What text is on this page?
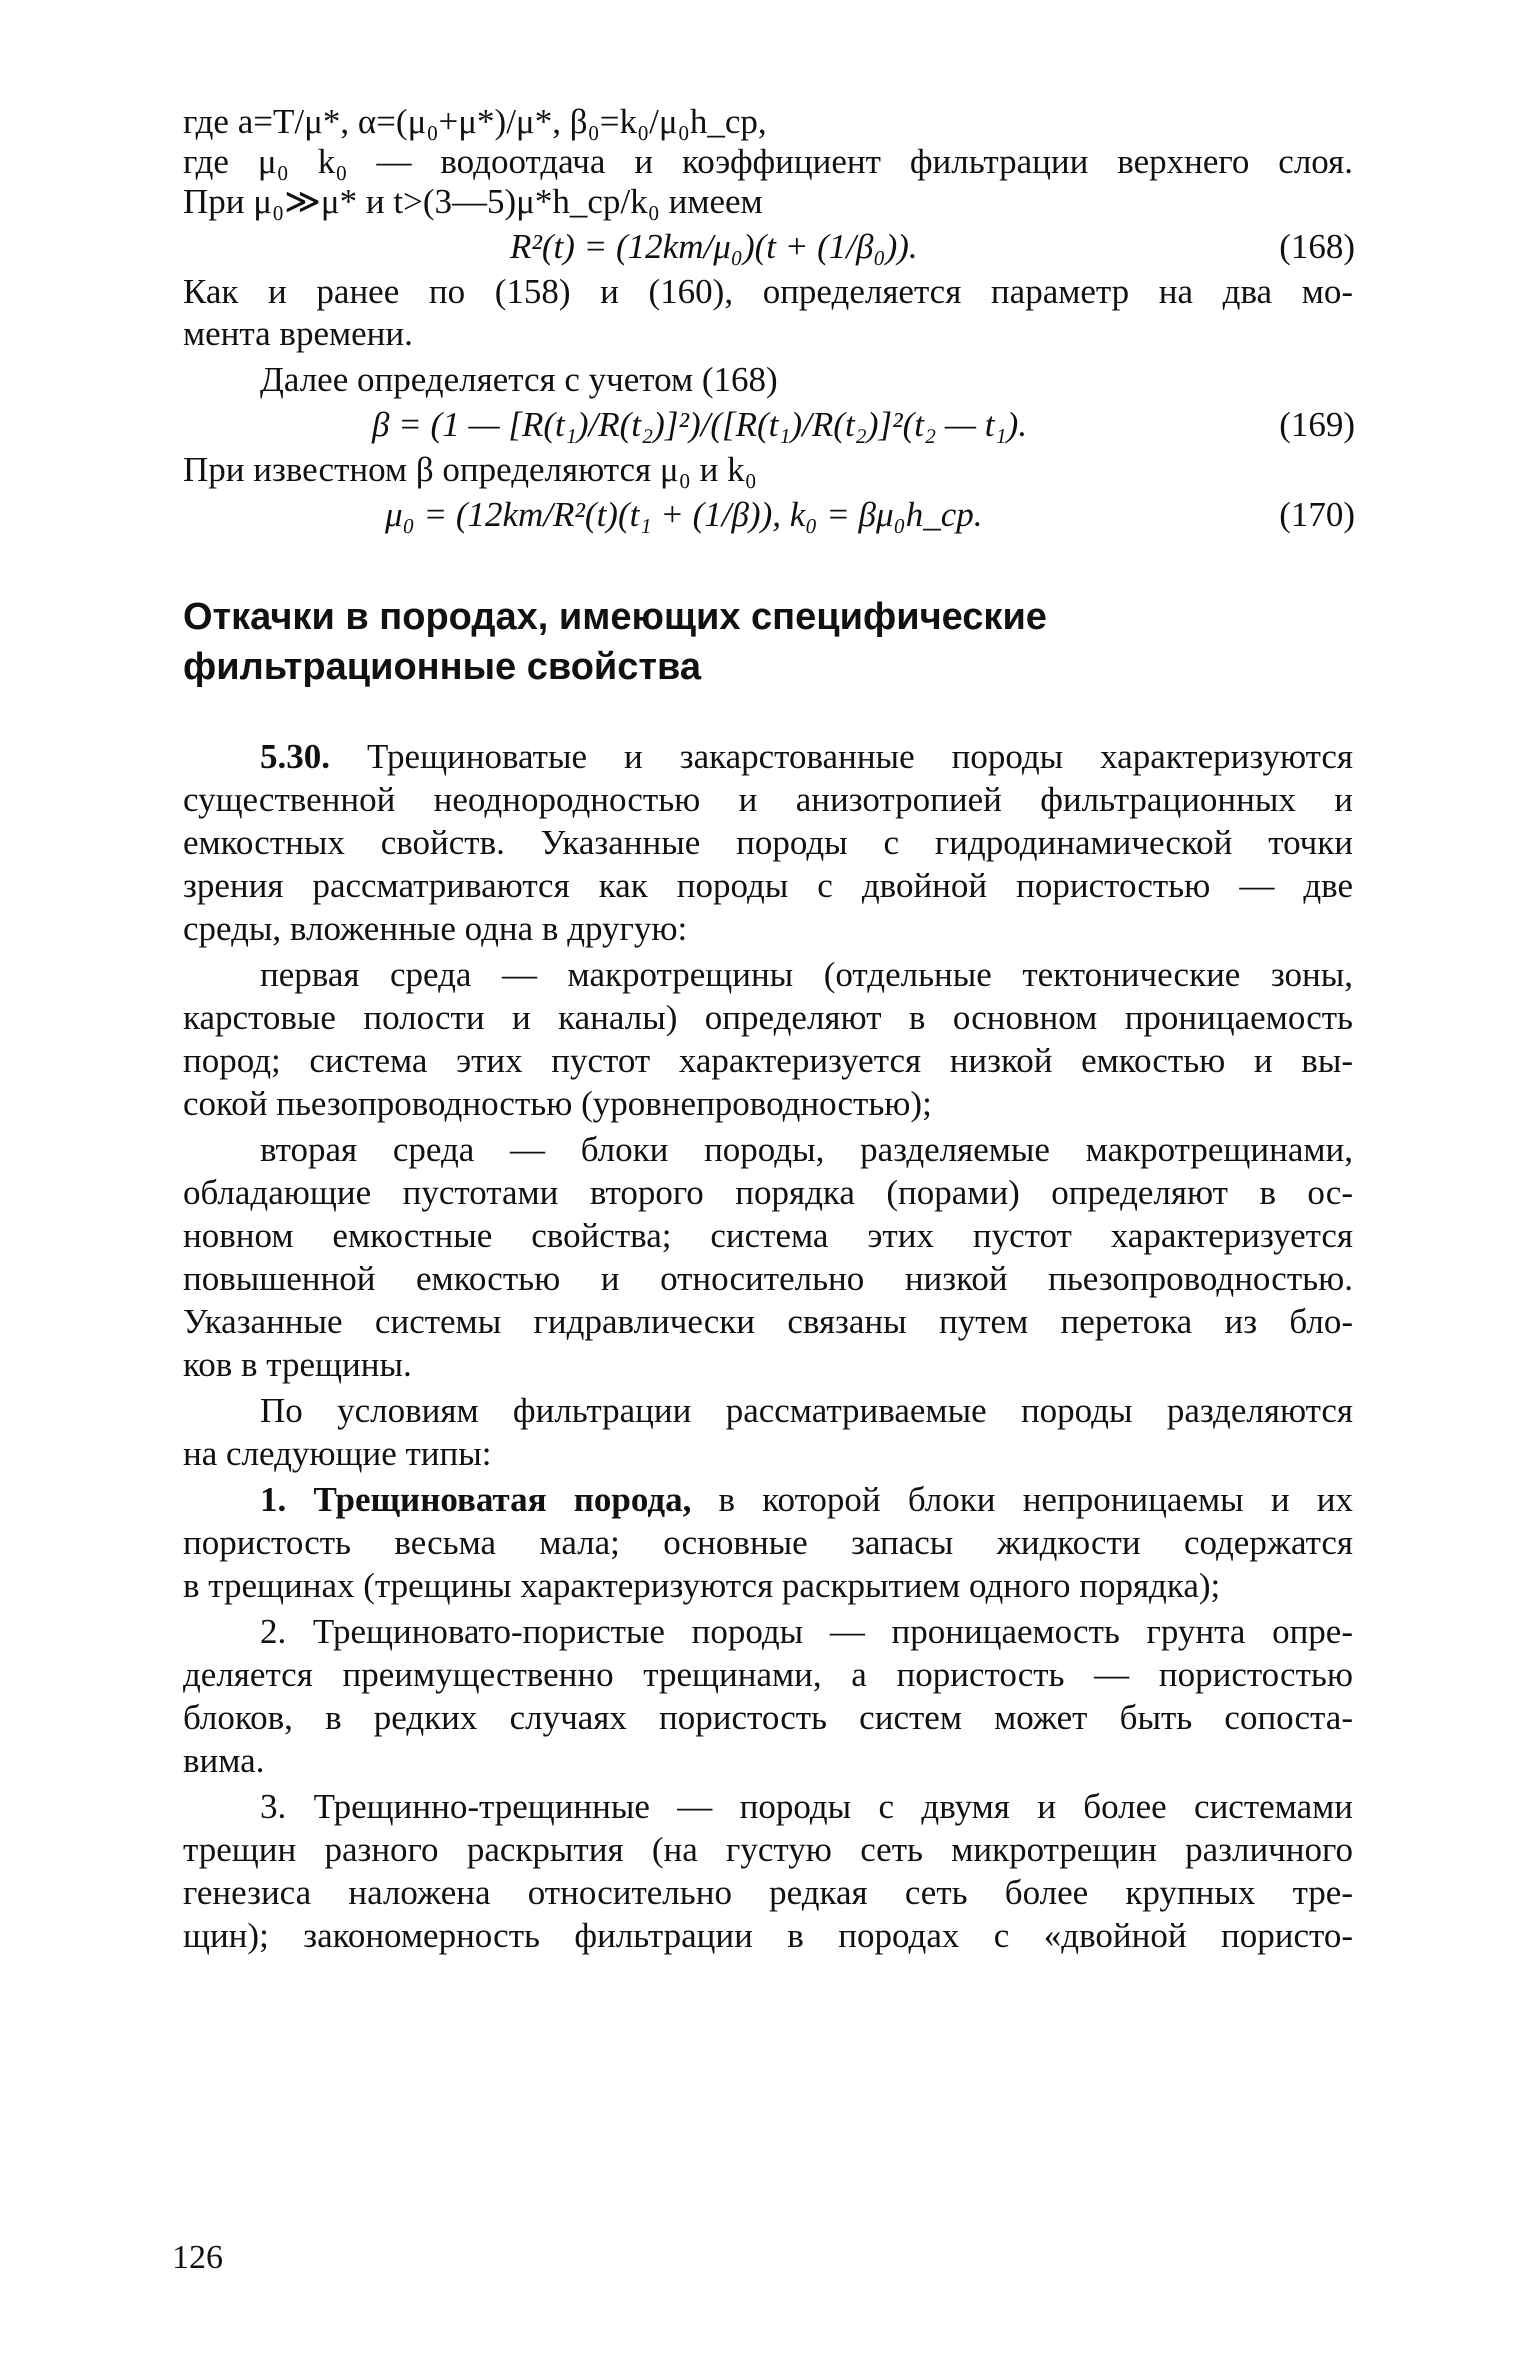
где a=T/μ*, α=(μ₀+μ*)/μ*, β₀=k₀/μ₀h_ср,
где μ₀ k₀ — водоотдача и коэффициент фильтрации верхнего слоя.
При μ₀≫μ* и t>(3—5)μ*h_ср/k₀ имеем
R²(t) = (12km/μ₀)(t + (1/β₀)).	(168)
Как и ранее по (158) и (160), определяется параметр на два мо-
мента времени.
Далее определяется с учетом (168)
β = (1 — [R(t₁)/R(t₂)]²)/([R(t₁)/R(t₂)]²(t₂ — t₁).	(169)
При известном β определяются μ₀ и k₀
μ₀ = (12km/R²(t)(t₁ + (1/β)), k₀ = βμ₀h_ср.	(170)
Откачки в породах, имеющих специфические
фильтрационные свойства
5.30. Трещиноватые и закарстованные породы характеризуются
существенной неоднородностью и анизотропией фильтрационных и
емкостных свойств. Указанные породы с гидродинамической точки
зрения рассматриваются как породы с двойной пористостью — две
среды, вложенные одна в другую:
первая среда — макротрещины (отдельные тектонические зоны,
карстовые полости и каналы) определяют в основном проницаемость
пород; система этих пустот характеризуется низкой емкостью и вы-
сокой пьезопроводностью (уровнепроводностью);
вторая среда — блоки породы, разделяемые макротрещинами,
обладающие пустотами второго порядка (порами) определяют в ос-
новном емкостные свойства; система этих пустот характеризуется
повышенной емкостью и относительно низкой пьезопроводностью.
Указанные системы гидравлически связаны путем перетока из бло-
ков в трещины.
По условиям фильтрации рассматриваемые породы разделяются
на следующие типы:
1. Трещиноватая порода, в которой блоки непроницаемы и их
пористость весьма мала; основные запасы жидкости содержатся
в трещинах (трещины характеризуются раскрытием одного порядка);
2. Трещиновато-пористые породы — проницаемость грунта опре-
деляется преимущественно трещинами, а пористость — пористостью
блоков, в редких случаях пористость систем может быть сопоста-
вима.
3. Трещинно-трещинные — породы с двумя и более системами
трещин разного раскрытия (на густую сеть микротрещин различного
генезиса наложена относительно редкая сеть более крупных тре-
щин); закономерность фильтрации в породах с «двойной пористо-
126
